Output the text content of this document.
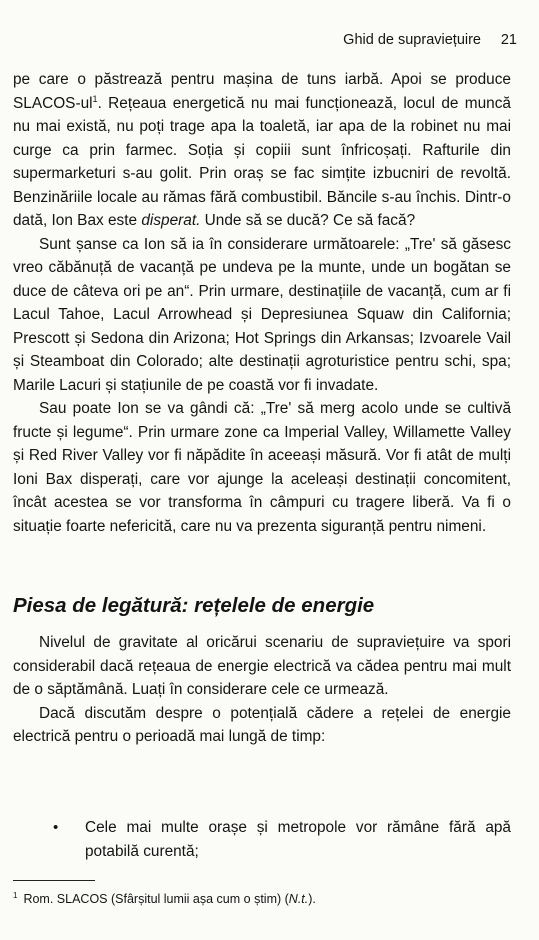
Ghid de supraviețuire 21

pe care o păstrează pentru mașina de tuns iarbă. Apoi se produce SLACOS-$ul^1$. Rețeaua energetică nu mai funcționează, locul de muncă nu mai există, nu poți trage apa la toaletă, iar apa de la robinet nu mai curge ca prin farmec. Soția și copiii sunt înfricoșați. Rafturile din supermarketuri s-au golit. Prin oraș se fac simțite izbucniri de revoltă. Benzinăriile locale au rămas fără combustibil. Băncile s-au închis. Dintr-o dată, Ion Bax este disperat. Unde să se ducă? Ce să facă?

Sunt șanse ca Ion să ia în considerare următoarele: „Tre' să găsesc vreo căbănuță de vacanță pe undeva pe la munte, unde un bogătan se duce de câteva ori pe an“. Prin urmare, destinațiile de vacanță, cum ar fi Lacul Tahoe, Lacul Arrowhead și Depresiunea Squaw din California; Prescott și Sedona din Arizona; Hot Springs din Arkansas; Izvoarele Vail și Steamboat din Colorado; alte destinații agroturistice pentru schi, spa; Marile Lacuri și stațiunile de pe coastă vor fi invadate.

Sau poate Ion se va gândi că: „Tre' să merg acolo unde se cultivă fructe și legume“. Prin urmare zone ca Imperial Valley, Willamette Valley și Red River Valley vor fi năpădite în aceeași măsură. Vor fi atât de mulți Ioni Bax disperați, care vor ajunge la aceleași destinații concomitent, încât acestea se vor transforma în câmpuri cu tragere liberă. Va fi o situație foarte nefericită, care nu va prezenta siguranță pentru nimeni.

Piesa de legătură: rețelele de energie

Nivelul de gravitate al oricărui scenariu de supraviețuire va spori considerabil dacă rețeaua de energie electrică va cădea pentru mai mult de o săptămână. Luați în considerare cele ce urmează.

Dacă discutăm despre o potențială cădere a rețelei de energie electrică pentru o perioadă mai lungă de timp:

• Cele mai multe orașe și metropole vor rămâne fără apă potabilă curentă;
$^1$ Rom. SLACOS (Sfârșitul lumii așa cum o știm) (N.t.).
